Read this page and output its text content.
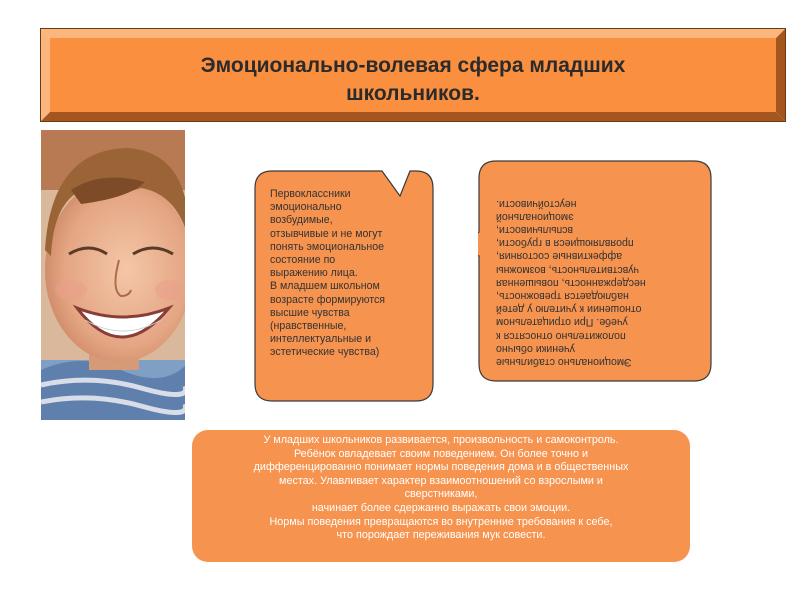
Эмоционально-волевая сфера младших
школьников.
Первоклассники
эмоционально
возбудимые,
отзывчивые и не могут
понять эмоциональное
состояние по
выражению лица.
В младшем школьном
возрасте формируются
высшие чувства
(нравственные,
интеллектуальные и
эстетические чувства)
Эмоционально стабильные
ученики обычно
положительно относятся к
учебе. При отрицательном
отношении к учителю у детей
наблюдается тревожность,
несдержанность, повышенная
чувствительность, возможны
аффективные состояния,
проявляющиеся в грубости,
вспыльчивости,
эмоциональной
неустойчивости.
У младших школьников развивается, произвольность и самоконтроль.
Ребёнок овладевает своим поведением. Он более точно и
дифференцированно понимает нормы поведения дома и в общественных
местах. Улавливает характер взаимоотношений со взрослыми и
сверстниками,
начинает более сдержанно выражать свои эмоции.
Нормы поведения превращаются во внутренние требования к себе,
что порождает переживания мук совести.
